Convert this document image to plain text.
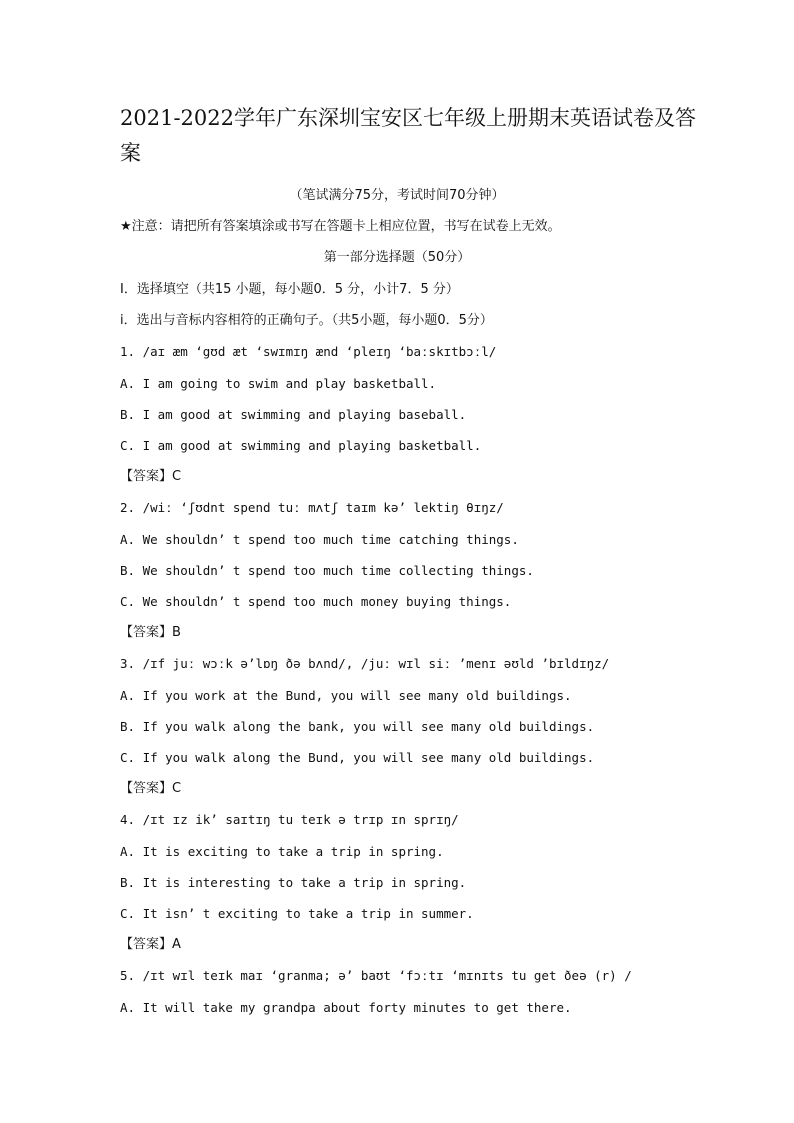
2021-2022学年广东深圳宝安区七年级上册期末英语试卷及答案
（笔试满分75分，考试时间70分钟）
★注意：请把所有答案填涂或书写在答题卡上相应位置，书写在试卷上无效。
第一部分选择题（50分）
I．选择填空（共15 小题，每小题0．5 分，小计7．5 分）
i．选出与音标内容相符的正确句子。（共5小题，每小题0．5分）
1. /aɪ æm ‘gʊd æt ‘swɪmɪŋ ænd ‘pleɪŋ ‘baːskɪtbɔːl/
A. I am going to swim and play basketball.
B. I am good at swimming and playing baseball.
C. I am good at swimming and playing basketball.
【答案】C
2. /wiː ‘ʃʊdnt spend tuː mʌtʃ taɪm kə’ lektiŋ θɪŋz/
A. We shouldn’ t spend too much time catching things.
B. We shouldn’ t spend too much time collecting things.
C. We shouldn’ t spend too much money buying things.
【答案】B
3. /ɪf juː wɔːk ə’lɒŋ ðə bʌnd/, /juː wɪl siː ’menɪ əʊld ’bɪldɪŋz/
A. If you work at the Bund, you will see many old buildings.
B. If you walk along the bank, you will see many old buildings.
C. If you walk along the Bund, you will see many old buildings.
【答案】C
4. /ɪt ɪz ik’ saɪtɪŋ tu teɪk ə trɪp ɪn sprɪŋ/
A. It is exciting to take a trip in spring.
B. It is interesting to take a trip in spring.
C. It isn’ t exciting to take a trip in summer.
【答案】A
5. /ɪt wɪl teɪk maɪ ‘granma; ə’ baʊt ‘fɔːtɪ ‘mɪnɪts tu get ðeə (r) /
A. It will take my grandpa about forty minutes to get there.
